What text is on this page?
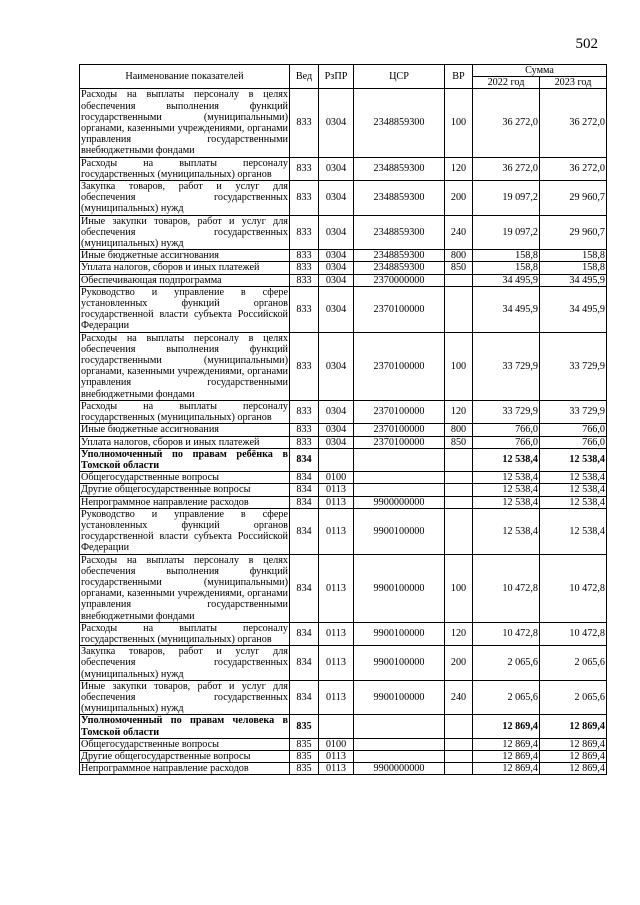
502
Наименование показателей	Вед	РзПР	ЦСР	ВР	Сумма	
					2022 год	2023 год
Расходы на выплаты персоналу в целях обеспечения выполнения функций государственными (муниципальными) органами, казенными учреждениями, органами управления государственными внебюджетными фондами	833	0304	2348859300	100	36 272,0	36 272,0
Расходы на выплаты персоналу государственных (муниципальных) органов	833	0304	2348859300	120	36 272,0	36 272,0
Закупка товаров, работ и услуг для обеспечения государственных (муниципальных) нужд	833	0304	2348859300	200	19 097,2	29 960,7
Иные закупки товаров, работ и услуг для обеспечения государственных (муниципальных) нужд	833	0304	2348859300	240	19 097,2	29 960,7
Иные бюджетные ассигнования	833	0304	2348859300	800	158,8	158,8
Уплата налогов, сборов и иных платежей	833	0304	2348859300	850	158,8	158,8
Обеспечивающая подпрограмма	833	0304	2370000000		34 495,9	34 495,9
Руководство и управление в сфере установленных функций органов государственной власти субъекта Российской Федерации	833	0304	2370100000		34 495,9	34 495,9
Расходы на выплаты персоналу в целях обеспечения выполнения функций государственными (муниципальными) органами, казенными учреждениями, органами управления государственными внебюджетными фондами	833	0304	2370100000	100	33 729,9	33 729,9
Расходы на выплаты персоналу государственных (муниципальных) органов	833	0304	2370100000	120	33 729,9	33 729,9
Иные бюджетные ассигнования	833	0304	2370100000	800	766,0	766,0
Уплата налогов, сборов и иных платежей	833	0304	2370100000	850	766,0	766,0
Уполномоченный по правам ребёнка в Томской области	834				12 538,4	12 538,4
Общегосударственные вопросы	834	0100			12 538,4	12 538,4
Другие общегосударственные вопросы	834	0113			12 538,4	12 538,4
Непрограммное направление расходов	834	0113	9900000000		12 538,4	12 538,4
Руководство и управление в сфере установленных функций органов государственной власти субъекта Российской Федерации	834	0113	9900100000		12 538,4	12 538,4
Расходы на выплаты персоналу в целях обеспечения выполнения функций государственными (муниципальными) органами, казенными учреждениями, органами управления государственными внебюджетными фондами	834	0113	9900100000	100	10 472,8	10 472,8
Расходы на выплаты персоналу государственных (муниципальных) органов	834	0113	9900100000	120	10 472,8	10 472,8
Закупка товаров, работ и услуг для обеспечения государственных (муниципальных) нужд	834	0113	9900100000	200	2 065,6	2 065,6
Иные закупки товаров, работ и услуг для обеспечения государственных (муниципальных) нужд	834	0113	9900100000	240	2 065,6	2 065,6
Уполномоченный по правам человека в Томской области	835				12 869,4	12 869,4
Общегосударственные вопросы	835	0100			12 869,4	12 869,4
Другие общегосударственные вопросы	835	0113			12 869,4	12 869,4
Непрограммное направление расходов	835	0113	9900000000		12 869,4	12 869,4
